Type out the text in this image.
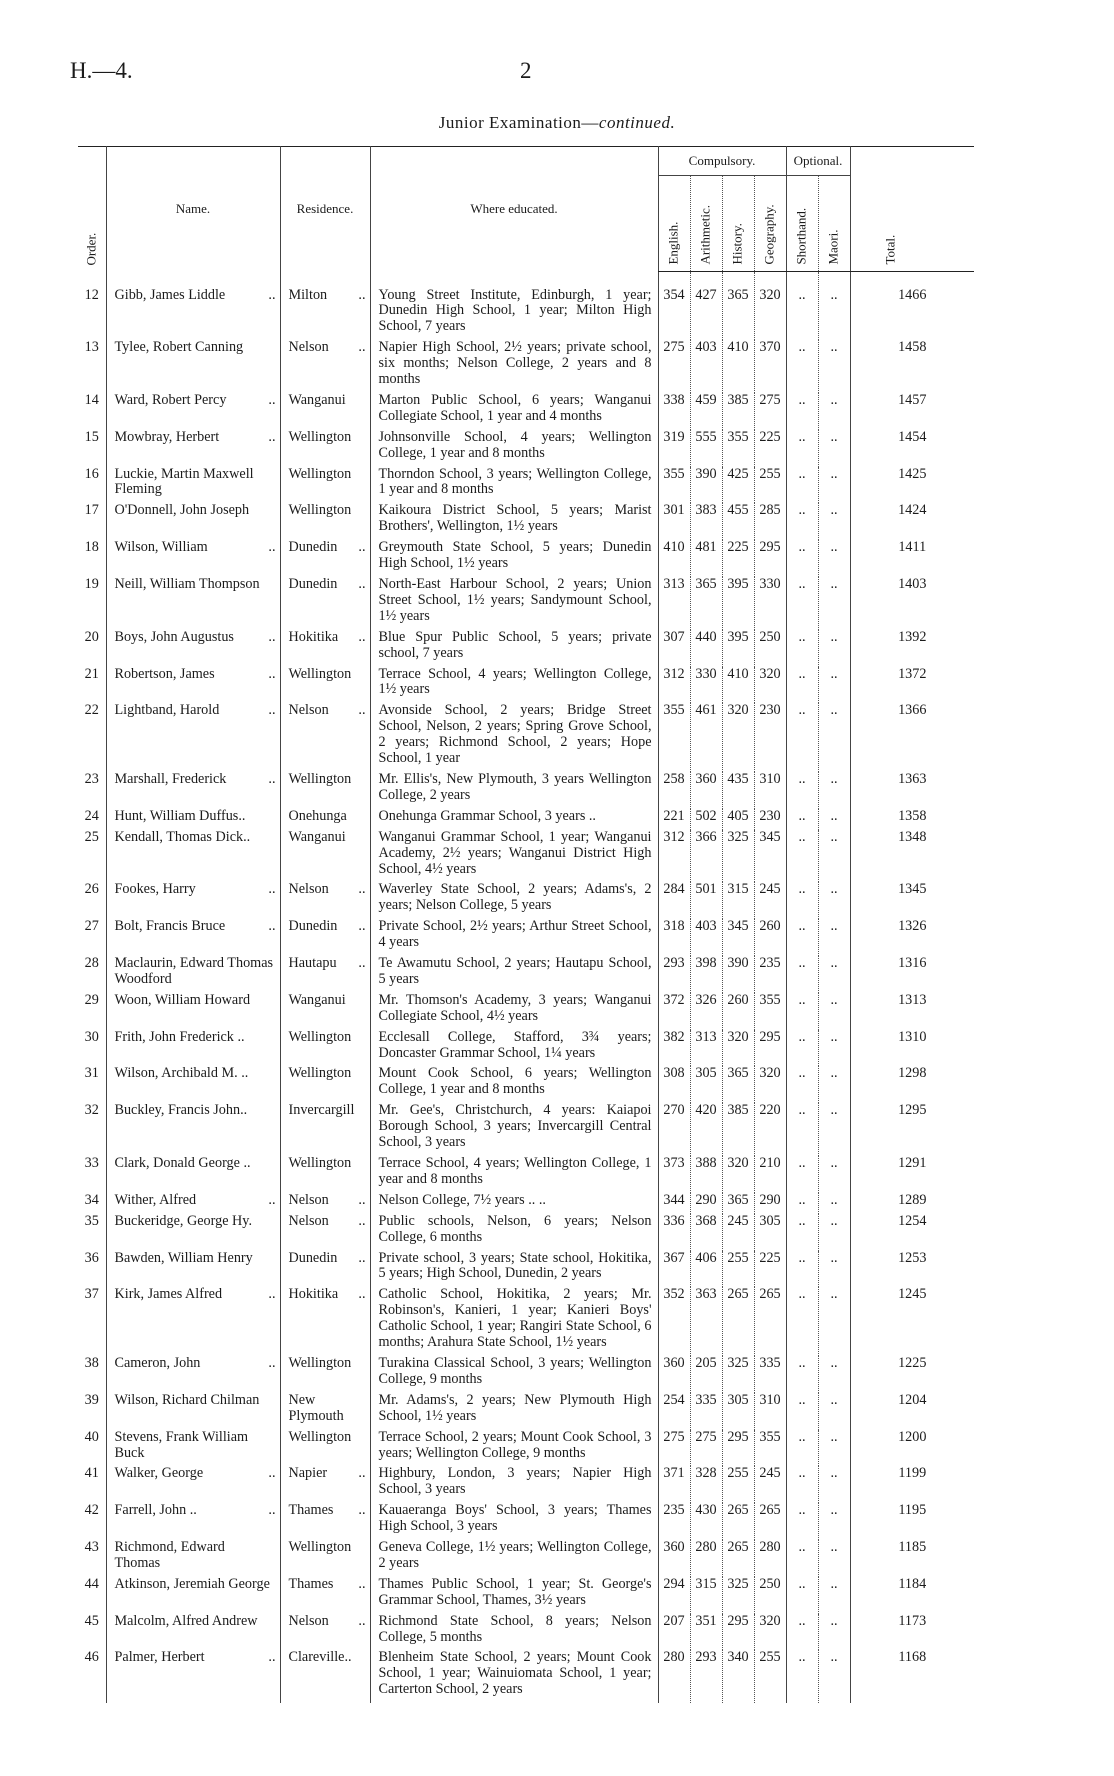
H.—4.	2
Junior Examination—continued.
Order.	Name.	Residence.	Where educated.	Compulsory.				Optional.		Total.

				English.	Arithmetic.	History.	Geography.	Shorthand.	Maori.	

12	Gibb, James Liddle ..	Milton ..	Young Street Institute, Edinburgh, 1 year; Dunedin High School, 1 year; Milton High School, 7 years	354	427	365	320	..	..	1466
13	Tylee, Robert Canning	Nelson ..	Napier High School, 2½ years; private school, six months; Nelson College, 2 years and 8 months	275	403	410	370	..	..	1458
14	Ward, Robert Percy ..	Wanganui	Marton Public School, 6 years; Wanganui Collegiate School, 1 year and 4 months	338	459	385	275	..	..	1457
15	Mowbray, Herbert ..	Wellington	Johnsonville School, 4 years; Wellington College, 1 year and 8 months	319	555	355	225	..	..	1454
16	Luckie, Martin Maxwell Fleming	Wellington	Thorndon School, 3 years; Wellington College, 1 year and 8 months	355	390	425	255	..	..	1425
17	O'Donnell, John Joseph	Wellington	Kaikoura District School, 5 years; Marist Brothers', Wellington, 1½ years	301	383	455	285	..	..	1424
18	Wilson, William ..	Dunedin ..	Greymouth State School, 5 years; Dunedin High School, 1½ years	410	481	225	295	..	..	1411
19	Neill, William Thompson	Dunedin ..	North-East Harbour School, 2 years; Union Street School, 1½ years; Sandymount School, 1½ years	313	365	395	330	..	..	1403
20	Boys, John Augustus ..	Hokitika ..	Blue Spur Public School, 5 years; private school, 7 years	307	440	395	250	..	..	1392
21	Robertson, James ..	Wellington	Terrace School, 4 years; Wellington College, 1½ years	312	330	410	320	..	..	1372
22	Lightband, Harold ..	Nelson ..	Avonside School, 2 years; Bridge Street School, Nelson, 2 years; Spring Grove School, 2 years; Richmond School, 2 years; Hope School, 1 year	355	461	320	230	..	..	1366
23	Marshall, Frederick ..	Wellington	Mr. Ellis's, New Plymouth, 3 years Wellington College, 2 years	258	360	435	310	..	..	1363
24	Hunt, William Duffus..	Onehunga	Onehunga Grammar School, 3 years ..	221	502	405	230	..	..	1358
25	Kendall, Thomas Dick..	Wanganui	Wanganui Grammar School, 1 year; Wanganui Academy, 2½ years; Wanganui District High School, 4½ years	312	366	325	345	..	..	1348
26	Fookes, Harry ..	Nelson ..	Waverley State School, 2 years; Adams's, 2 years; Nelson College, 5 years	284	501	315	245	..	..	1345
27	Bolt, Francis Bruce ..	Dunedin ..	Private School, 2½ years; Arthur Street School, 4 years	318	403	345	260	..	..	1326
28	Maclaurin, Edward Thomas Woodford	Hautapu ..	Te Awamutu School, 2 years; Hautapu School, 5 years	293	398	390	235	..	..	1316
29	Woon, William Howard	Wanganui	Mr. Thomson's Academy, 3 years; Wanganui Collegiate School, 4½ years	372	326	260	355	..	..	1313
30	Frith, John Frederick ..	Wellington	Ecclesall College, Stafford, 3¾ years; Doncaster Grammar School, 1¼ years	382	313	320	295	..	..	1310
31	Wilson, Archibald M. ..	Wellington	Mount Cook School, 6 years; Wellington College, 1 year and 8 months	308	305	365	320	..	..	1298
32	Buckley, Francis John..	Invercargill	Mr. Gee's, Christchurch, 4 years: Kaiapoi Borough School, 3 years; Invercargill Central School, 3 years	270	420	385	220	..	..	1295
33	Clark, Donald George ..	Wellington	Terrace School, 4 years; Wellington College, 1 year and 8 months	373	388	320	210	..	..	1291
34	Wither, Alfred ..	Nelson ..	Nelson College, 7½ years .. ..	344	290	365	290	..	..	1289
35	Buckeridge, George Hy.	Nelson ..	Public schools, Nelson, 6 years; Nelson College, 6 months	336	368	245	305	..	..	1254
36	Bawden, William Henry	Dunedin ..	Private school, 3 years; State school, Hokitika, 5 years; High School, Dunedin, 2 years	367	406	255	225	..	..	1253
37	Kirk, James Alfred ..	Hokitika ..	Catholic School, Hokitika, 2 years; Mr. Robinson's, Kanieri, 1 year; Kanieri Boys' Catholic School, 1 year; Rangiri State School, 6 months; Arahura State School, 1½ years	352	363	265	265	..	..	1245
38	Cameron, John ..	Wellington	Turakina Classical School, 3 years; Wellington College, 9 months	360	205	325	335	..	..	1225
39	Wilson, Richard Chilman	New Plymouth	Mr. Adams's, 2 years; New Plymouth High School, 1½ years	254	335	305	310	..	..	1204
40	Stevens, Frank William Buck	Wellington	Terrace School, 2 years; Mount Cook School, 3 years; Wellington College, 9 months	275	275	295	355	..	..	1200
41	Walker, George ..	Napier ..	Highbury, London, 3 years; Napier High School, 3 years	371	328	255	245	..	..	1199
42	Farrell, John .. ..	Thames ..	Kauaeranga Boys' School, 3 years; Thames High School, 3 years	235	430	265	265	..	..	1195
43	Richmond, Edward Thomas	Wellington	Geneva College, 1½ years; Wellington College, 2 years	360	280	265	280	..	..	1185
44	Atkinson, Jeremiah George	Thames ..	Thames Public School, 1 year; St. George's Grammar School, Thames, 3½ years	294	315	325	250	..	..	1184
45	Malcolm, Alfred Andrew	Nelson ..	Richmond State School, 8 years; Nelson College, 5 months	207	351	295	320	..	..	1173
46	Palmer, Herbert ..	Clareville..	Blenheim State School, 2 years; Mount Cook School, 1 year; Wainuiomata School, 1 year; Carterton School, 2 years	280	293	340	255	..	..	1168
